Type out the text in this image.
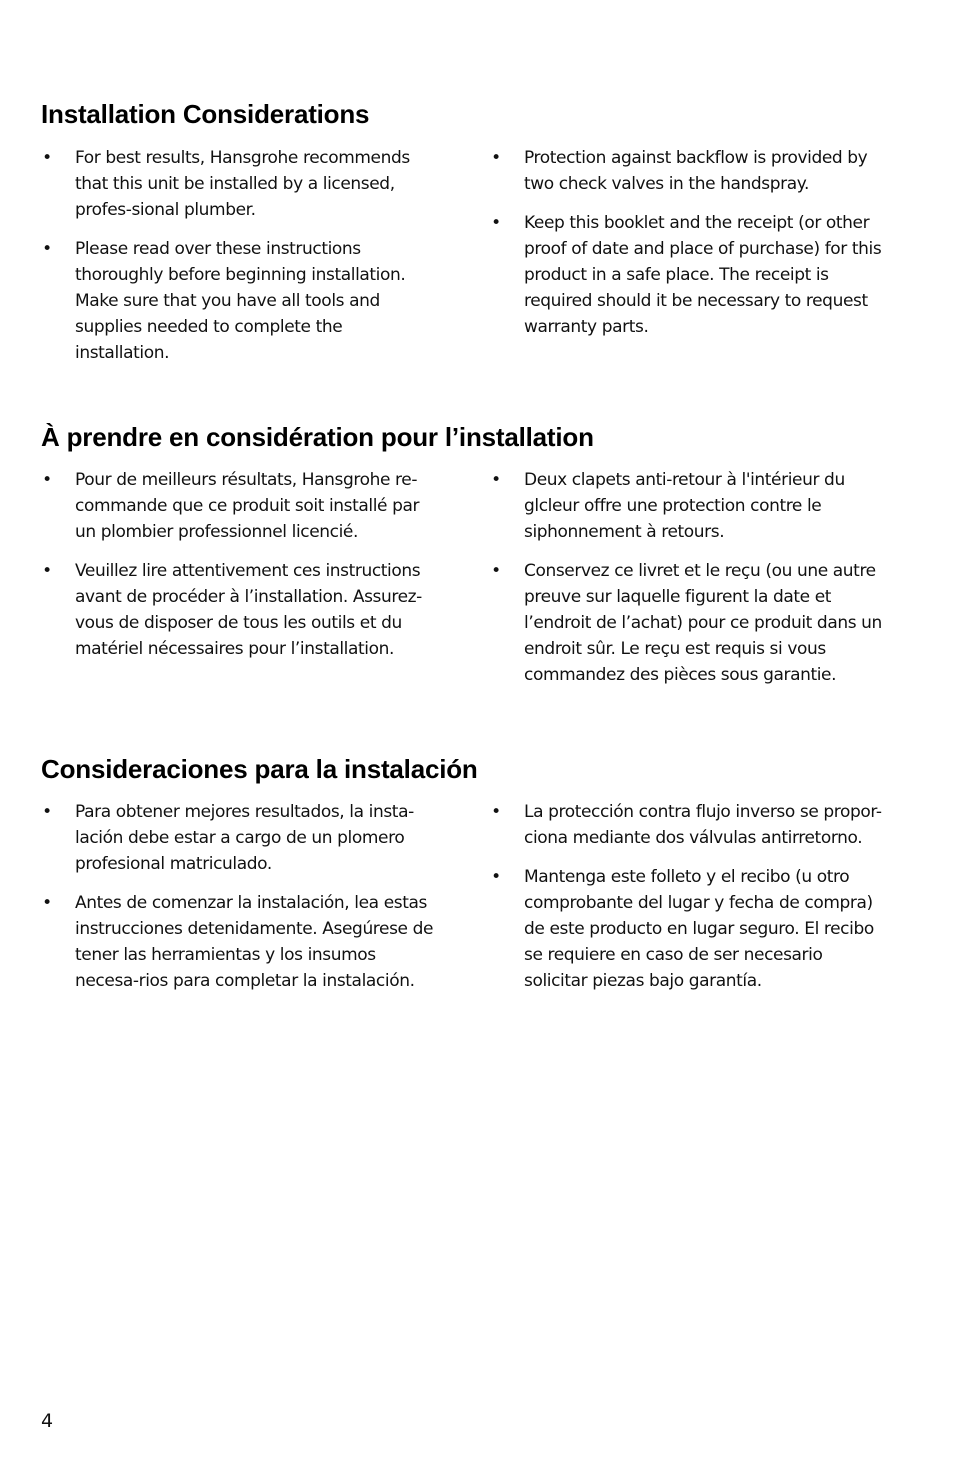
Installation Considerations
• For best results, Hansgrohe recommends that this unit be installed by a licensed, profes-sional plumber.
• Please read over these instructions thoroughly before beginning installation. Make sure that you have all tools and supplies needed to complete the installation.
• Protection against backflow is provided by two check valves in the handspray.
• Keep this booklet and the receipt (or other proof of date and place of purchase) for this product in a safe place. The receipt is required should it be necessary to request warranty parts.
À prendre en considération pour l’installation
• Pour de meilleurs résultats, Hansgrohe re-commande que ce produit soit installé par un plombier professionnel licencié.
• Veuillez lire attentivement ces instructions avant de procéder à l’installation. Assurez-vous de disposer de tous les outils et du matériel nécessaires pour l’installation.
• Deux clapets anti-retour à l'intérieur du glcleur offre une protection contre le siphonnement à retours.
• Conservez ce livret et le reçu (ou une autre preuve sur laquelle figurent la date et l’endroit de l’achat) pour ce produit dans un endroit sûr. Le reçu est requis si vous commandez des pièces sous garantie.
Consideraciones para la instalación
• Para obtener mejores resultados, la insta-lación debe estar a cargo de un plomero profesional matriculado.
• Antes de comenzar la instalación, lea estas instrucciones detenidamente. Asegúrese de tener las herramientas y los insumos necesa-rios para completar la instalación.
• La protección contra flujo inverso se propor-ciona mediante dos válvulas antirretorno.
• Mantenga este folleto y el recibo (u otro comprobante del lugar y fecha de compra) de este producto en lugar seguro. El recibo se requiere en caso de ser necesario solicitar piezas bajo garantía.
4
